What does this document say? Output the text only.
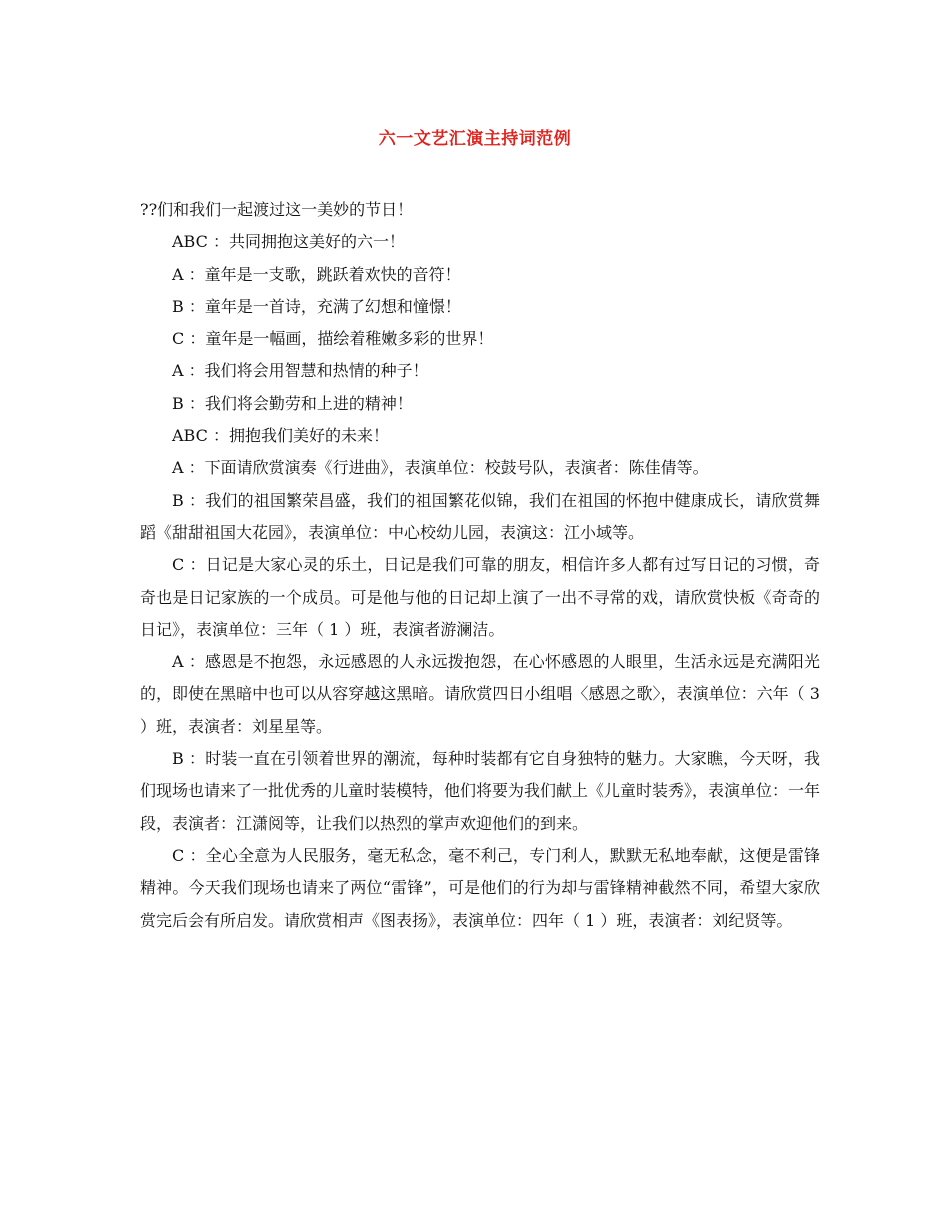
六一文艺汇演主持词范例

??们和我们一起渡过这一美妙的节日！

ABC ：共同拥抱这美好的六一！

A ：童年是一支歌，跳跃着欢快的音符！

B ：童年是一首诗，充满了幻想和憧憬！

C ：童年是一幅画，描绘着稚嫩多彩的世界！

A ：我们将会用智慧和热情的种子！

B ：我们将会勤劳和上进的精神！

ABC ：拥抱我们美好的未来！

A ：下面请欣赏演奏《行进曲》，表演单位：校鼓号队，表演者：陈佳倩等。

B ：我们的祖国繁荣昌盛，我们的祖国繁花似锦，我们在祖国的怀抱中健康成长，请欣赏舞蹈《甜甜祖国大花园》，表演单位：中心校幼儿园，表演这：江小域等。

C ：日记是大家心灵的乐土，日记是我们可靠的朋友，相信许多人都有过写日记的习惯，奇奇也是日记家族的一个成员。可是他与他的日记却上演了一出不寻常的戏，请欣赏快板《奇奇的日记》，表演单位：三年（ 1 ）班，表演者游澜洁。

A ：感恩是不抱怨，永远感恩的人永远拨抱怨，在心怀感恩的人眼里，生活永远是充满阳光的，即使在黑暗中也可以从容穿越这黑暗。请欣赏四日小组唱〈感恩之歌〉，表演单位：六年（ 3 ）班，表演者：刘星星等。

B ：时装一直在引领着世界的潮流，每种时装都有它自身独特的魅力。大家瞧，今天呀，我们现场也请来了一批优秀的儿童时装模特，他们将要为我们献上《儿童时装秀》，表演单位：一年段，表演者：江潇阅等，让我们以热烈的掌声欢迎他们的到来。

C ：全心全意为人民服务，毫无私念，毫不利己，专门利人，默默无私地奉献，这便是雷锋精神。今天我们现场也请来了两位“雷锋”，可是他们的行为却与雷锋精神截然不同，希望大家欣赏完后会有所启发。请欣赏相声《图表扬》，表演单位：四年（ 1 ）班，表演者：刘纪贤等。
